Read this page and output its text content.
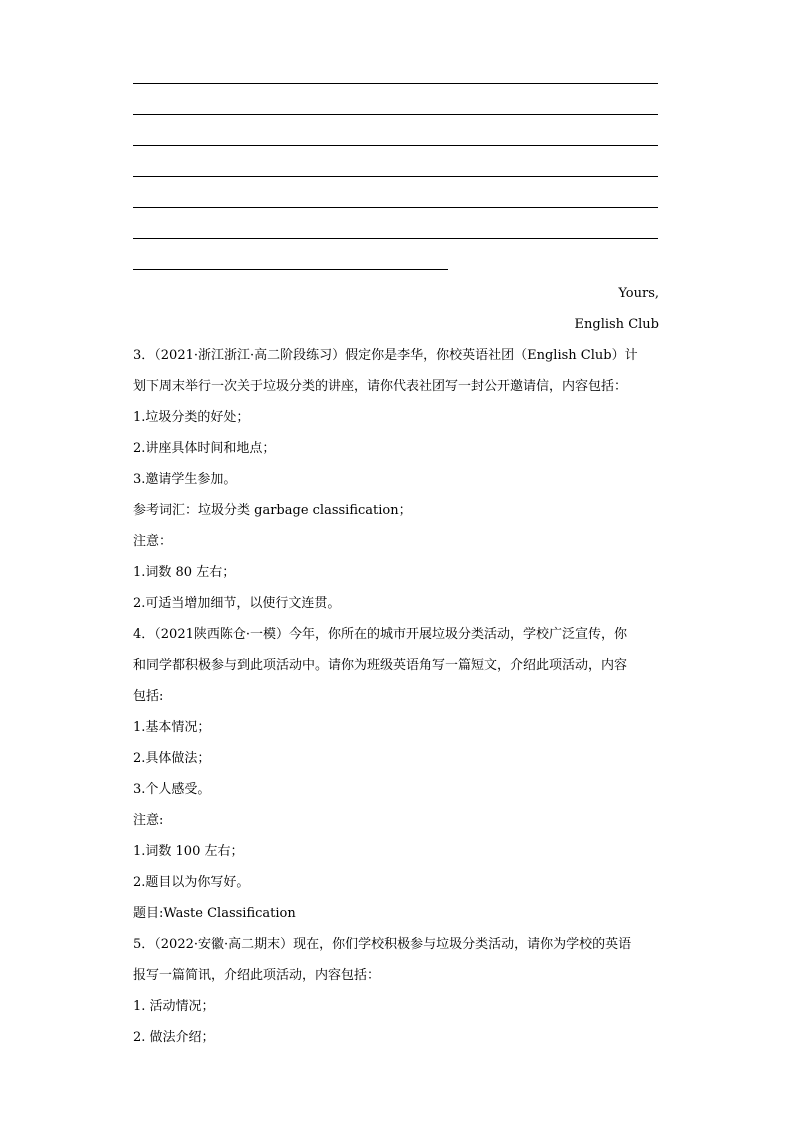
Yours,
English Club
3．（2021·浙江浙江·高二阶段练习）假定你是李华，你校英语社团（English Club）计
划下周末举行一次关于垃圾分类的讲座，请你代表社团写一封公开邀请信，内容包括：
1.垃圾分类的好处；
2.讲座具体时间和地点；
3.邀请学生参加。
参考词汇：垃圾分类 garbage classification；
注意：
1.词数 80 左右；
2.可适当增加细节，以使行文连贯。
4．（2021陕西陈仓·一模）今年，你所在的城市开展垃圾分类活动，学校广泛宣传，你
和同学都积极参与到此项活动中。请你为班级英语角写一篇短文，介绍此项活动，内容
包括:
1.基本情况；
2.具体做法；
3.个人感受。
注意:
1.词数 100 左右；
2.题目以为你写好。
题目:Waste Classification
5．（2022·安徽·高二期末）现在，你们学校积极参与垃圾分类活动，请你为学校的英语
报写一篇简讯，介绍此项活动，内容包括：
1. 活动情况；
2. 做法介绍；
